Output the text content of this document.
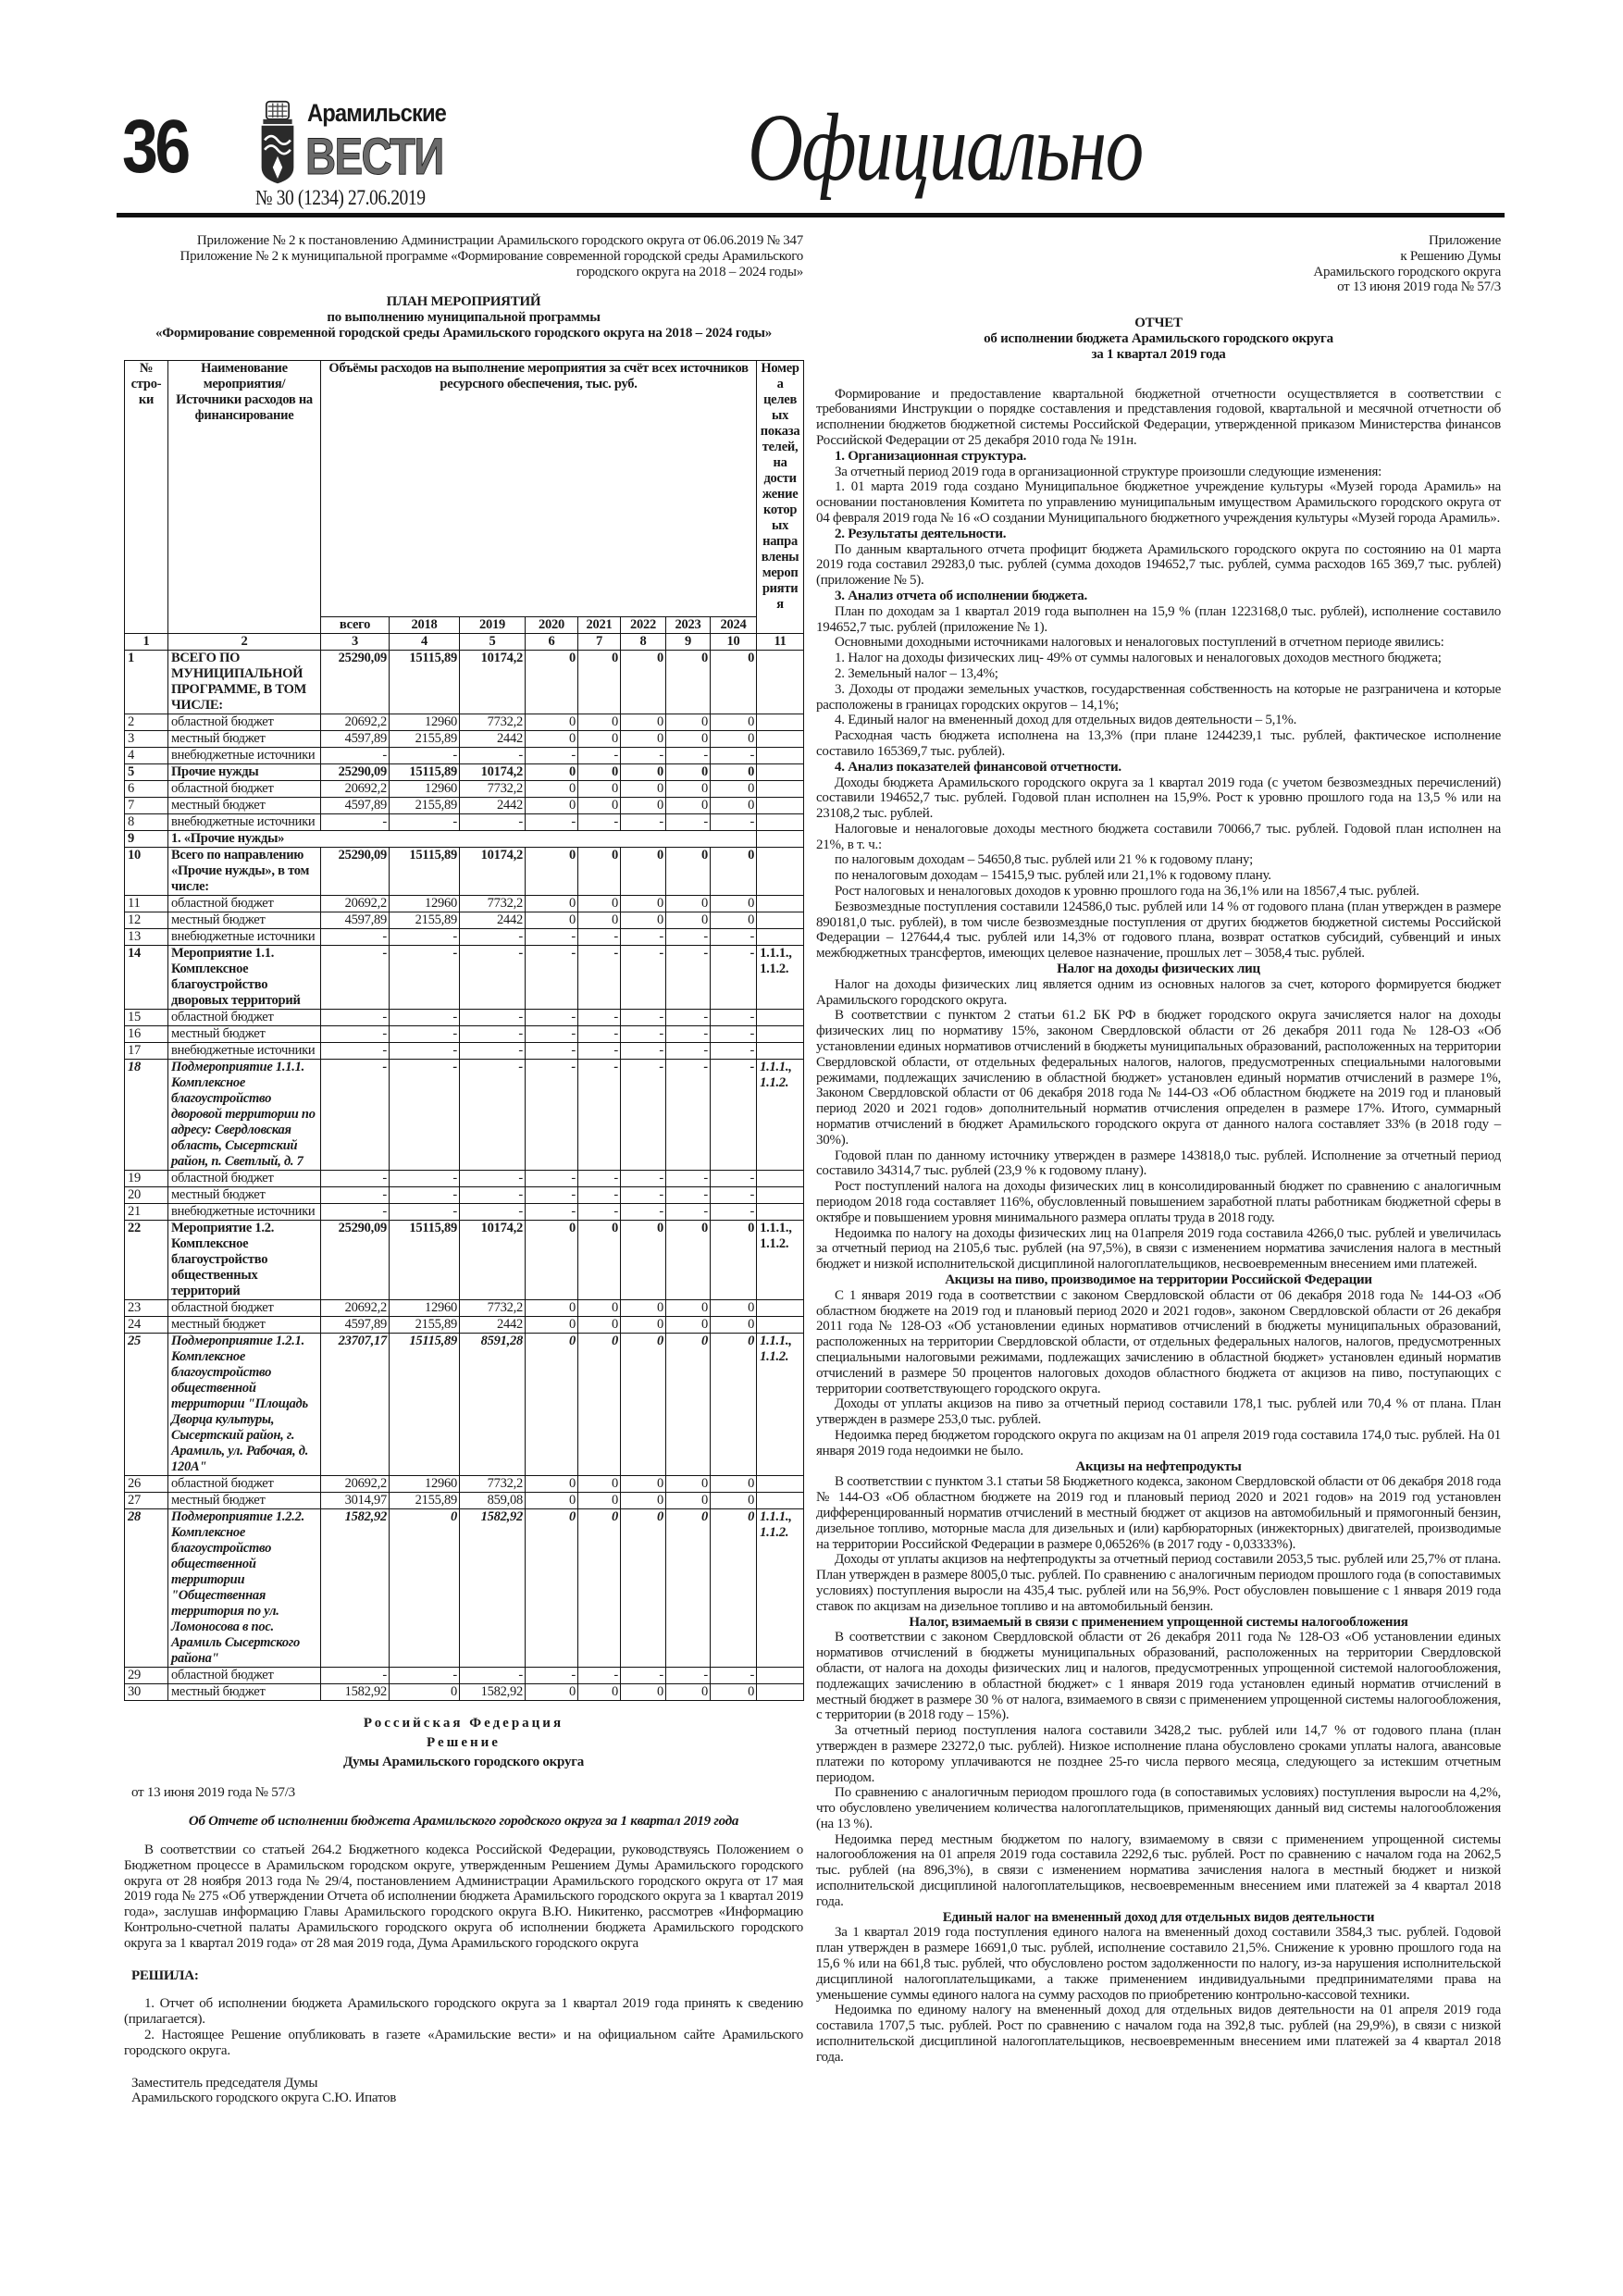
36	Арамильские
ВЕСТИ
№ 30 (1234) 27.06.2019	Официально
Приложение № 2 к постановлению Администрации Арамильского городского округа от 06.06.2019 № 347
Приложение № 2 к муниципальной программе «Формирование современной городской среды Арамильского городского округа на 2018 – 2024 годы»
ПЛАН МЕРОПРИЯТИЙ
по выполнению муниципальной программы
«Формирование современной городской среды Арамильского городского округа на 2018 – 2024 годы»
№ стро-ки	Наименование мероприятия/Источники расходов на финансирование	Объёмы расходов на выполнение мероприятия за счёт всех источников ресурсного обеспечения, тыс. руб.								Номера целевых показателей, на достижение которых направлены мероприятия
		всего	2018	2019	2020	2021	2022	2023	2024	
1	2	3	4	5	6	7	8	9	10	11
1	ВСЕГО ПО МУНИЦИПАЛЬНОЙ ПРОГРАММЕ, В ТОМ ЧИСЛЕ:	25290,09	15115,89	10174,2	0	0	0	0	0	
2	областной бюджет	20692,2	12960	7732,2	0	0	0	0	0	
3	местный бюджет	4597,89	2155,89	2442	0	0	0	0	0	
4	внебюджетные источники	-	-	-	-	-	-	-	-	
5	Прочие нужды	25290,09	15115,89	10174,2	0	0	0	0	0	
6	областной бюджет	20692,2	12960	7732,2	0	0	0	0	0	
7	местный бюджет	4597,89	2155,89	2442	0	0	0	0	0	
8	внебюджетные источники	-	-	-	-	-	-	-	-	
9	1. «Прочие нужды»									
10	Всего по направлению «Прочие нужды», в том числе:	25290,09	15115,89	10174,2	0	0	0	0	0	
11	областной бюджет	20692,2	12960	7732,2	0	0	0	0	0	
12	местный бюджет	4597,89	2155,89	2442	0	0	0	0	0	
13	внебюджетные источники	-	-	-	-	-	-	-	-	
14	Мероприятие 1.1. Комплексное благоустройство дворовых территорий	-	-	-	-	-	-	-	-	1.1.1., 1.1.2.
15	областной бюджет	-	-	-	-	-	-	-	-	
16	местный бюджет	-	-	-	-	-	-	-	-	
17	внебюджетные источники	-	-	-	-	-	-	-	-	
18	Подмероприятие 1.1.1. Комплексное благоустройство дворовой территории по адресу: Свердловская область, Сысертский район, п. Светлый, д. 7	-	-	-	-	-	-	-	-	1.1.1., 1.1.2.
19	областной бюджет	-	-	-	-	-	-	-	-	
20	местный бюджет	-	-	-	-	-	-	-	-	
21	внебюджетные источники	-	-	-	-	-	-	-	-	
22	Мероприятие 1.2. Комплексное благоустройство общественных территорий	25290,09	15115,89	10174,2	0	0	0	0	0	1.1.1., 1.1.2.
23	областной бюджет	20692,2	12960	7732,2	0	0	0	0	0	
24	местный бюджет	4597,89	2155,89	2442	0	0	0	0	0	
25	Подмероприятие 1.2.1. Комплексное благоустройство общественной территории "Площадь Дворца культуры, Сысертский район, г. Арамиль, ул. Рабочая, д. 120А"	23707,17	15115,89	8591,28	0	0	0	0	0	1.1.1., 1.1.2.
26	областной бюджет	20692,2	12960	7732,2	0	0	0	0	0	
27	местный бюджет	3014,97	2155,89	859,08	0	0	0	0	0	
28	Подмероприятие 1.2.2. Комплексное благоустройство общественной территории "Общественная территория по ул. Ломоносова в пос. Арамиль Сысертского района"	1582,92	0	1582,92	0	0	0	0	0	1.1.1., 1.1.2.
29	областной бюджет	-	-	-	-	-	-	-	-	
30	местный бюджет	1582,92	0	1582,92	0	0	0	0	0	
Российская Федерация
Решение
Думы Арамильского городского округа
от 13 июня 2019 года № 57/3
Об Отчете об исполнении бюджета Арамильского городского округа за 1 квартал 2019 года
В соответствии со статьей 264.2 Бюджетного кодекса Российской Федерации, руководствуясь Положением о Бюджетном процессе в Арамильском городском округе, утвержденным Решением Думы Арамильского городского округа от 28 ноября 2013 года № 29/4, постановлением Администрации Арамильского городского округа от 17 мая 2019 года № 275 «Об утверждении Отчета об исполнении бюджета Арамильского городского округа за 1 квартал 2019 года», заслушав информацию Главы Арамильского городского округа В.Ю. Никитенко, рассмотрев «Информацию Контрольно-счетной палаты Арамильского городского округа об исполнении бюджета Арамильского городского округа за 1 квартал 2019 года» от 28 мая 2019 года, Дума Арамильского городского округа
РЕШИЛА:
1. Отчет об исполнении бюджета Арамильского городского округа за 1 квартал 2019 года принять к сведению (прилагается).
2. Настоящее Решение опубликовать в газете «Арамильские вести» и на официальном сайте Арамильского городского округа.
Заместитель председателя Думы
Арамильского городского округа С.Ю. Ипатов
Приложение
к Решению Думы
Арамильского городского округа
от 13 июня 2019 года № 57/3
ОТЧЕТ
об исполнении бюджета Арамильского городского округа
за 1 квартал 2019 года
Формирование и предоставление квартальной бюджетной отчетности осуществляется в соответствии с требованиями Инструкции о порядке составления и представления годовой, квартальной и месячной отчетности об исполнении бюджетов бюджетной системы Российской Федерации, утвержденной приказом Министерства финансов Российской Федерации от 25 декабря 2010 года № 191н.
1. Организационная структура.
За отчетный период 2019 года в организационной структуре произошли следующие изменения:
1. 01 марта 2019 года создано Муниципальное бюджетное учреждение культуры «Музей города Арамиль» на основании постановления Комитета по управлению муниципальным имуществом Арамильского городского округа от 04 февраля 2019 года № 16 «О создании Муниципального бюджетного учреждения культуры «Музей города Арамиль».
2. Результаты деятельности.
По данным квартального отчета профицит бюджета Арамильского городского округа по состоянию на 01 марта 2019 года составил 29283,0 тыс. рублей (сумма доходов 194652,7 тыс. рублей, сумма расходов 165 369,7 тыс. рублей) (приложение № 5).
3. Анализ отчета об исполнении бюджета.
План по доходам за 1 квартал 2019 года выполнен на 15,9 % (план 1223168,0 тыс. рублей), исполнение составило 194652,7 тыс. рублей (приложение № 1).
Основными доходными источниками налоговых и неналоговых поступлений в отчетном периоде явились:
1. Налог на доходы физических лиц- 49% от суммы налоговых и неналоговых доходов местного бюджета;
2. Земельный налог – 13,4%;
3. Доходы от продажи земельных участков, государственная собственность на которые не разграничена и которые расположены в границах городских округов – 14,1%;
4. Единый налог на вмененный доход для отдельных видов деятельности – 5,1%.
Расходная часть бюджета исполнена на 13,3% (при плане 1244239,1 тыс. рублей, фактическое исполнение составило 165369,7 тыс. рублей).
4. Анализ показателей финансовой отчетности.
Доходы бюджета Арамильского городского округа за 1 квартал 2019 года (с учетом безвозмездных перечислений) составили 194652,7 тыс. рублей. Годовой план исполнен на 15,9%. Рост к уровню прошлого года на 13,5 % или на 23108,2 тыс. рублей.
Налоговые и неналоговые доходы местного бюджета составили 70066,7 тыс. рублей. Годовой план исполнен на 21%, в т. ч.:
по налоговым доходам – 54650,8 тыс. рублей или 21 % к годовому плану;
по неналоговым доходам – 15415,9 тыс. рублей или 21,1% к годовому плану.
Рост налоговых и неналоговых доходов к уровню прошлого года на 36,1% или на 18567,4 тыс. рублей.
Безвозмездные поступления составили 124586,0 тыс. рублей или 14 % от годового плана (план утвержден в размере 890181,0 тыс. рублей), в том числе безвозмездные поступления от других бюджетов бюджетной системы Российской Федерации – 127644,4 тыс. рублей или 14,3% от годового плана, возврат остатков субсидий, субвенций и иных межбюджетных трансфертов, имеющих целевое назначение, прошлых лет – 3058,4 тыс. рублей.
Налог на доходы физических лиц
Налог на доходы физических лиц является одним из основных налогов за счет, которого формируется бюджет Арамильского городского округа.
В соответствии с пунктом 2 статьи 61.2 БК РФ в бюджет городского округа зачисляется налог на доходы физических лиц по нормативу 15%, законом Свердловской области от 26 декабря 2011 года № 128-ОЗ «Об установлении единых нормативов отчислений в бюджеты муниципальных образований, расположенных на территории Свердловской области, от отдельных федеральных налогов, налогов, предусмотренных специальными налоговыми режимами, подлежащих зачислению в областной бюджет» установлен единый норматив отчислений в размере 1%, Законом Свердловской области от 06 декабря 2018 года № 144-ОЗ «Об областном бюджете на 2019 год и плановый период 2020 и 2021 годов» дополнительный норматив отчисления определен в размере 17%. Итого, суммарный норматив отчислений в бюджет Арамильского городского округа от данного налога составляет 33% (в 2018 году – 30%).
Годовой план по данному источнику утвержден в размере 143818,0 тыс. рублей. Исполнение за отчетный период составило 34314,7 тыс. рублей (23,9 % к годовому плану).
Рост поступлений налога на доходы физических лиц в консолидированный бюджет по сравнению с аналогичным периодом 2018 года составляет 116%, обусловленный повышением заработной платы работникам бюджетной сферы в октябре и повышением уровня минимального размера оплаты труда в 2018 году.
Недоимка по налогу на доходы физических лиц на 01апреля 2019 года составила 4266,0 тыс. рублей и увеличилась за отчетный период на 2105,6 тыс. рублей (на 97,5%), в связи с изменением норматива зачисления налога в местный бюджет и низкой исполнительской дисциплиной налогоплательщиков, несвоевременным внесением ими платежей.
Акцизы на пиво, производимое на территории Российской Федерации
С 1 января 2019 года в соответствии с законом Свердловской области от 06 декабря 2018 года № 144-ОЗ «Об областном бюджете на 2019 год и плановый период 2020 и 2021 годов», законом Свердловской области от 26 декабря 2011 года № 128-ОЗ «Об установлении единых нормативов отчислений в бюджеты муниципальных образований, расположенных на территории Свердловской области, от отдельных федеральных налогов, налогов, предусмотренных специальными налоговыми режимами, подлежащих зачислению в областной бюджет» установлен единый норматив отчислений в размере 50 процентов налоговых доходов областного бюджета от акцизов на пиво, поступающих с территории соответствующего городского округа.
Доходы от уплаты акцизов на пиво за отчетный период составили 178,1 тыс. рублей или 70,4 % от плана. План утвержден в размере 253,0 тыс. рублей.
Недоимка перед бюджетом городского округа по акцизам на 01 апреля 2019 года составила 174,0 тыс. рублей. На 01 января 2019 года недоимки не было.
Акцизы на нефтепродукты
В соответствии с пунктом 3.1 статьи 58 Бюджетного кодекса, законом Свердловской области от 06 декабря 2018 года № 144-ОЗ «Об областном бюджете на 2019 год и плановый период 2020 и 2021 годов» на 2019 год установлен дифференцированный норматив отчислений в местный бюджет от акцизов на автомобильный и прямогонный бензин, дизельное топливо, моторные масла для дизельных и (или) карбюраторных (инжекторных) двигателей, производимые на территории Российской Федерации в размере 0,06526% (в 2017 году - 0,03333%).
Доходы от уплаты акцизов на нефтепродукты за отчетный период составили 2053,5 тыс. рублей или 25,7% от плана. План утвержден в размере 8005,0 тыс. рублей. По сравнению с аналогичным периодом прошлого года (в сопоставимых условиях) поступления выросли на 435,4 тыс. рублей или на 56,9%. Рост обусловлен повышение с 1 января 2019 года ставок по акцизам на дизельное топливо и на автомобильный бензин.
Налог, взимаемый в связи с применением упрощенной системы налогообложения
В соответствии с законом Свердловской области от 26 декабря 2011 года № 128-ОЗ «Об установлении единых нормативов отчислений в бюджеты муниципальных образований, расположенных на территории Свердловской области, от налога на доходы физических лиц и налогов, предусмотренных упрощенной системой налогообложения, подлежащих зачислению в областной бюджет» с 1 января 2019 года установлен единый норматив отчислений в местный бюджет в размере 30 % от налога, взимаемого в связи с применением упрощенной системы налогообложения, с территории (в 2018 году – 15%).
За отчетный период поступления налога составили 3428,2 тыс. рублей или 14,7 % от годового плана (план утвержден в размере 23272,0 тыс. рублей). Низкое исполнение плана обусловлено сроками уплаты налога, авансовые платежи по которому уплачиваются не позднее 25-го числа первого месяца, следующего за истекшим отчетным периодом.
По сравнению с аналогичным периодом прошлого года (в сопоставимых условиях) поступления выросли на 4,2%, что обусловлено увеличением количества налогоплательщиков, применяющих данный вид системы налогообложения (на 13 %).
Недоимка перед местным бюджетом по налогу, взимаемому в связи с применением упрощенной системы налогообложения на 01 апреля 2019 года составила 2292,6 тыс. рублей. Рост по сравнению с началом года на 2062,5 тыс. рублей (на 896,3%), в связи с изменением норматива зачисления налога в местный бюджет и низкой исполнительской дисциплиной налогоплательщиков, несвоевременным внесением ими платежей за 4 квартал 2018 года.
Единый налог на вмененный доход для отдельных видов деятельности
За 1 квартал 2019 года поступления единого налога на вмененный доход составили 3584,3 тыс. рублей. Годовой план утвержден в размере 16691,0 тыс. рублей, исполнение составило 21,5%. Снижение к уровню прошлого года на 15,6 % или на 661,8 тыс. рублей, что обусловлено ростом задолженности по налогу, из-за нарушения исполнительской дисциплиной налогоплательщиками, а также применением индивидуальными предпринимателями права на уменьшение суммы единого налога на сумму расходов по приобретению контрольно-кассовой техники.
Недоимка по единому налогу на вмененный доход для отдельных видов деятельности на 01 апреля 2019 года составила 1707,5 тыс. рублей. Рост по сравнению с началом года на 392,8 тыс. рублей (на 29,9%), в связи с низкой исполнительской дисциплиной налогоплательщиков, несвоевременным внесением ими платежей за 4 квартал 2018 года.
